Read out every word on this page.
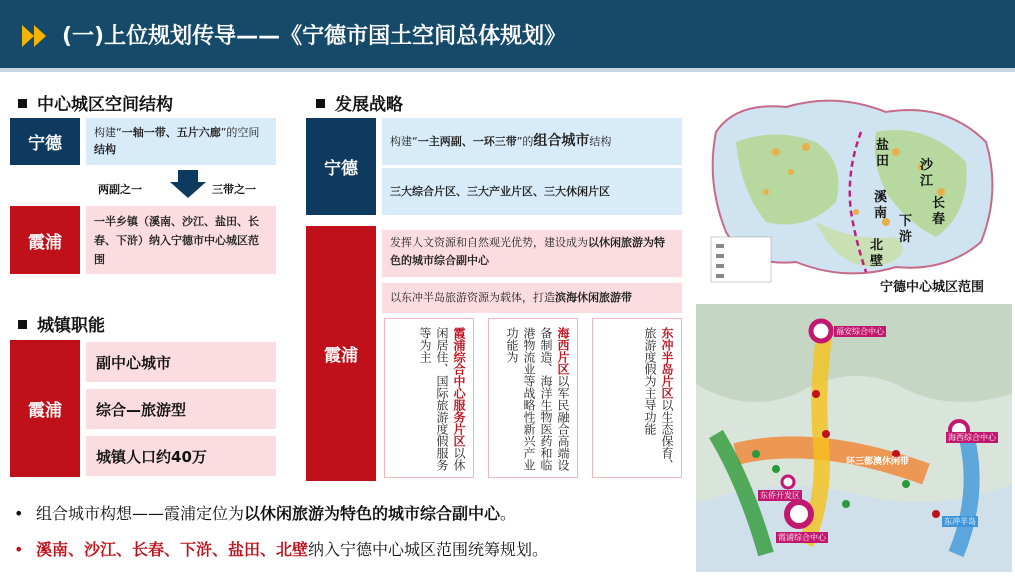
(一)上位规划传导——《宁德市国土空间总体规划》
中心城区空间结构
宁德
构建“一轴一带、五片六廊”的空间结构
两副之一	三带之一
霞浦
一半乡镇（溪南、沙江、盐田、长春、下浒）纳入宁德市中心城区范围
城镇职能
霞浦
副中心城市
综合—旅游型
城镇人口约40万
发展战略
宁德
构建“一主两副、一环三带”的组合城市结构
三大综合片区、三大产业片区、三大休闲片区
霞浦
发挥人文资源和自然观光优势，建设成为以休闲旅游为特色的城市综合副中心
以东冲半岛旅游资源为载体，打造滨海休闲旅游带
霞浦综合中心服务片区以休闲居住、国际旅游度假服务等为主	海西片区以军民融合高端设备制造、海洋生物医药和临港物流业等战略性新兴产业功能为	东冲半岛片区以生态保育、旅游度假为主导功能
• 组合城市构想——霞浦定位为以休闲旅游为特色的城市综合副中心。
• 溪南、沙江、长春、下浒、盐田、北壁纳入宁德中心城区范围统筹规划。
盐
田	沙
江
溪
南
长
春
下
浒
北
壁
宁德中心城区范围
福安综合中心
海西综合中心
霞浦综合中心
东侨开发区
环三都澳休闲带
东冲半岛
